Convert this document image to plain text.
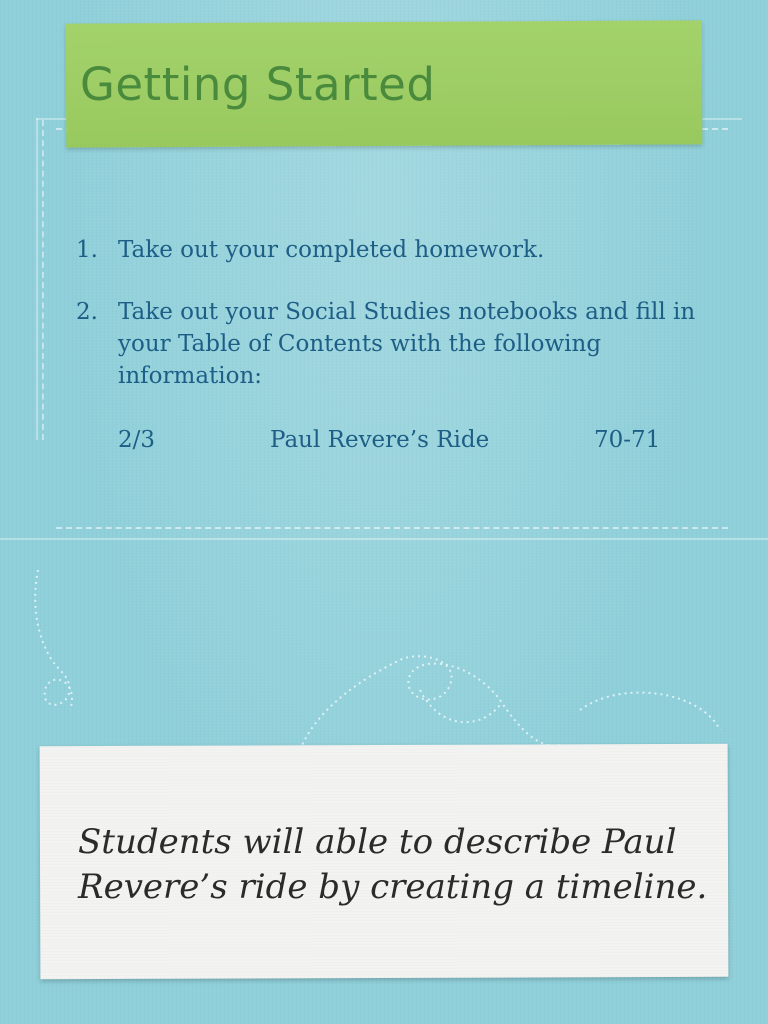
Getting Started
1. Take out your completed homework.
2. Take out your Social Studies notebooks and fill in your Table of Contents with the following information:
2/3	Paul Revere’s Ride	70-71

Students will able to describe Paul Revere’s ride by creating a timeline.
